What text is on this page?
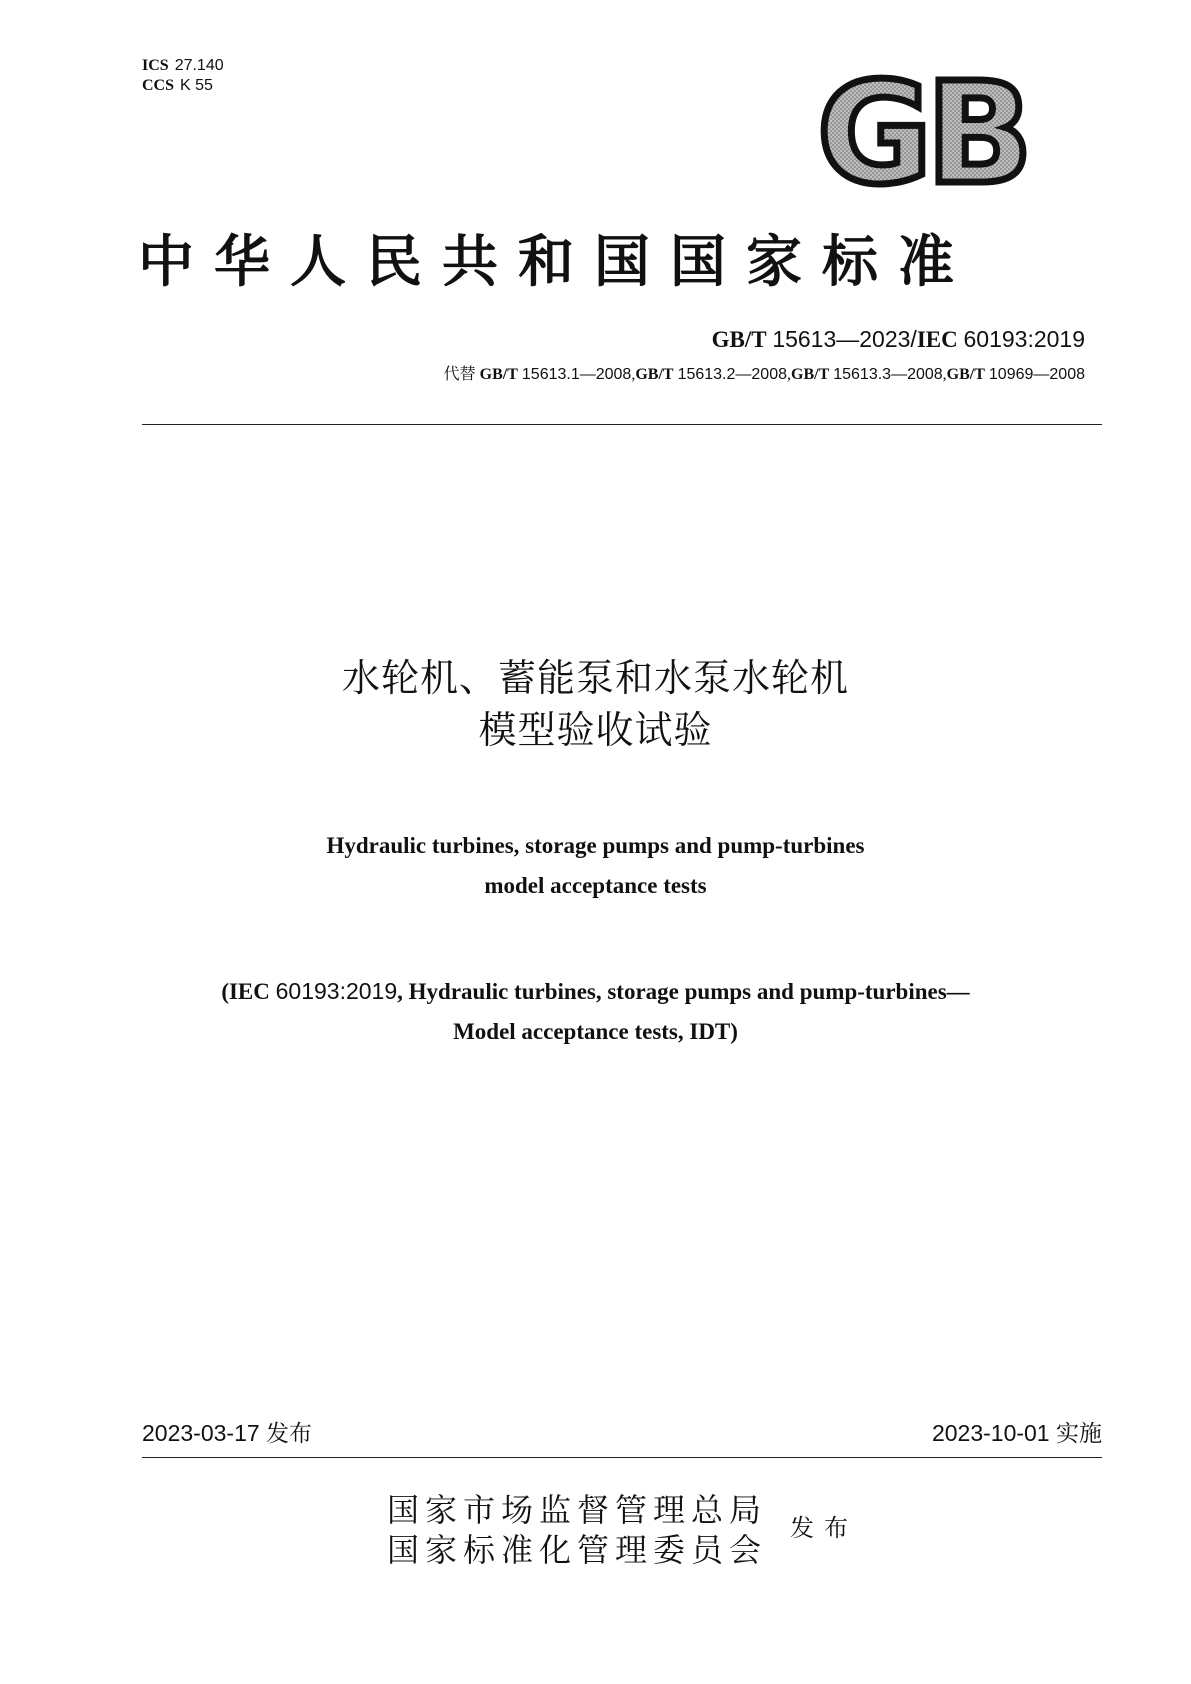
ICS 27.140
CCS K 55	GB
中华人民共和国国家标准
GB/T 15613—2023/IEC 60193:2019
代替 GB/T 15613.1—2008,GB/T 15613.2—2008,GB/T 15613.3—2008,GB/T 10969—2008
水轮机、蓄能泵和水泵水轮机
模型验收试验
Hydraulic turbines, storage pumps and pump-turbines
model acceptance tests
(IEC 60193:2019, Hydraulic turbines, storage pumps and pump-turbines—
Model acceptance tests, IDT)
2023-03-17 发布	2023-10-01 实施
国家市场监督管理总局
国家标准化管理委员会
发布
